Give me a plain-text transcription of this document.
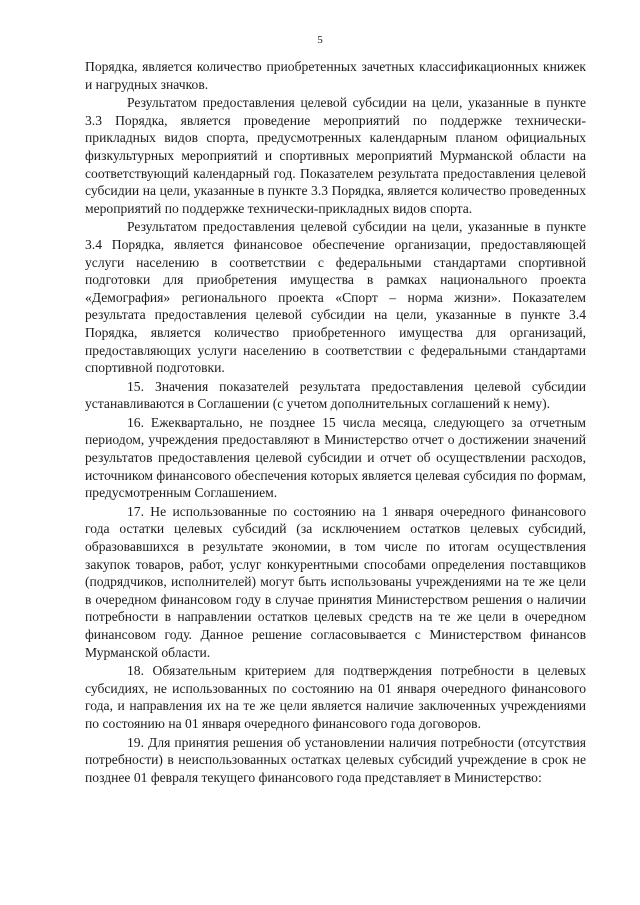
5

Порядка, является количество приобретенных зачетных классификационных книжек и нагрудных значков.

Результатом предоставления целевой субсидии на цели, указанные в пункте 3.3 Порядка, является проведение мероприятий по поддержке технически-прикладных видов спорта, предусмотренных календарным планом официальных физкультурных мероприятий и спортивных мероприятий Мурманской области на соответствующий календарный год. Показателем результата предоставления целевой субсидии на цели, указанные в пункте 3.3 Порядка, является количество проведенных мероприятий по поддержке технически-прикладных видов спорта.

Результатом предоставления целевой субсидии на цели, указанные в пункте 3.4 Порядка, является финансовое обеспечение организации, предоставляющей услуги населению в соответствии с федеральными стандартами спортивной подготовки для приобретения имущества в рамках национального проекта «Демография» регионального проекта «Спорт – норма жизни». Показателем результата предоставления целевой субсидии на цели, указанные в пункте 3.4 Порядка, является количество приобретенного имущества для организаций, предоставляющих услуги населению в соответствии с федеральными стандартами спортивной подготовки.

15. Значения показателей результата предоставления целевой субсидии устанавливаются в Соглашении (с учетом дополнительных соглашений к нему).

16. Ежеквартально, не позднее 15 числа месяца, следующего за отчетным периодом, учреждения предоставляют в Министерство отчет о достижении значений результатов предоставления целевой субсидии и отчет об осуществлении расходов, источником финансового обеспечения которых является целевая субсидия по формам, предусмотренным Соглашением.

17. Не использованные по состоянию на 1 января очередного финансового года остатки целевых субсидий (за исключением остатков целевых субсидий, образовавшихся в результате экономии, в том числе по итогам осуществления закупок товаров, работ, услуг конкурентными способами определения поставщиков (подрядчиков, исполнителей) могут быть использованы учреждениями на те же цели в очередном финансовом году в случае принятия Министерством решения о наличии потребности в направлении остатков целевых средств на те же цели в очередном финансовом году. Данное решение согласовывается с Министерством финансов Мурманской области.

18. Обязательным критерием для подтверждения потребности в целевых субсидиях, не использованных по состоянию на 01 января очередного финансового года, и направления их на те же цели является наличие заключенных учреждениями по состоянию на 01 января очередного финансового года договоров.

19. Для принятия решения об установлении наличия потребности (отсутствия потребности) в неиспользованных остатках целевых субсидий учреждение в срок не позднее 01 февраля текущего финансового года представляет в Министерство:
